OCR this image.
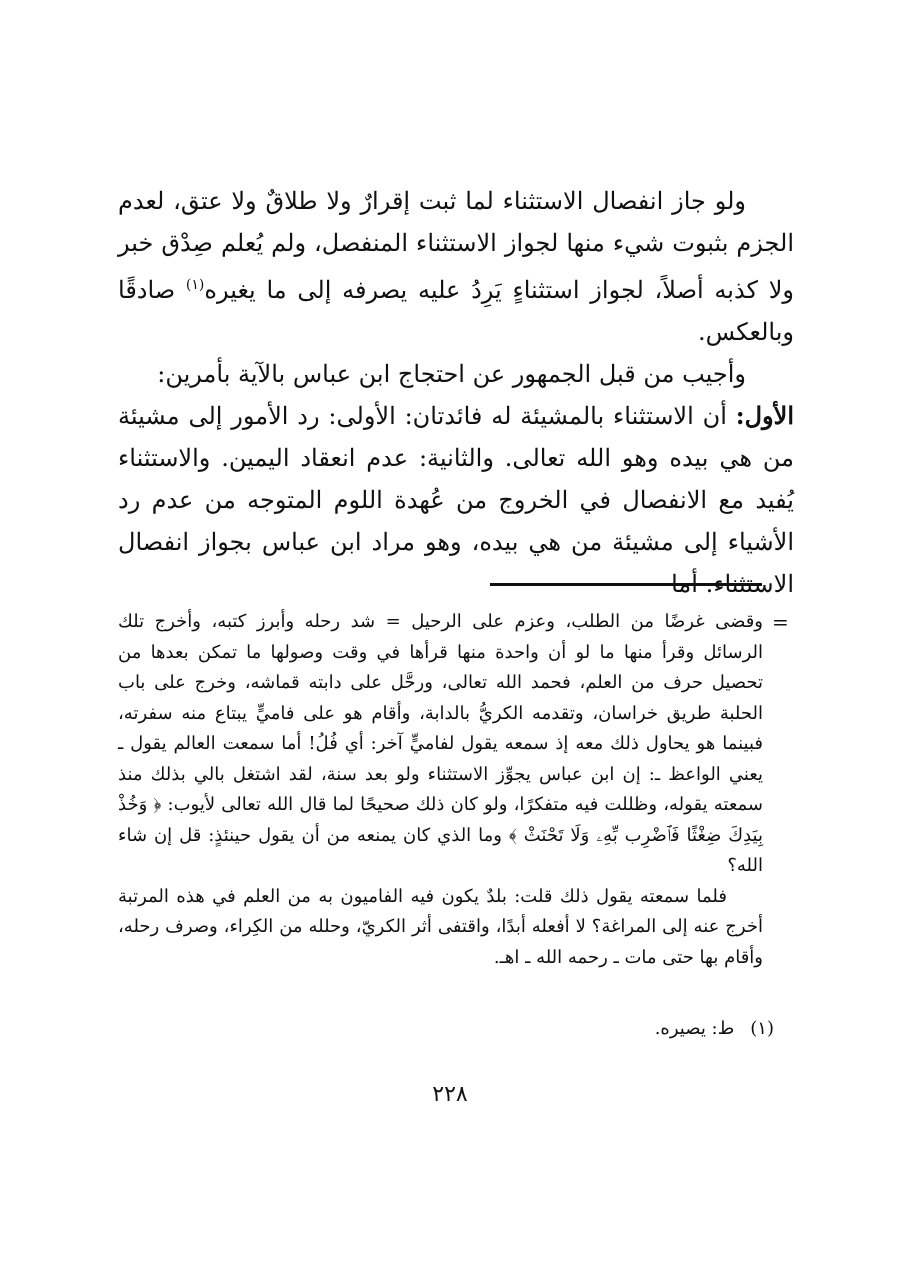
ولو جاز انفصال الاستثناء لما ثبت إقرارٌ ولا طلاقٌ ولا عتق، لعدم الجزم بثبوت شيء منها لجواز الاستثناء المنفصل، ولم يُعلم صِدْق خبر ولا كذبه أصلاً، لجواز استثناءٍ يَرِدُ عليه يصرفه إلى ما يغيره$^{(١)}$ صادقًا وبالعكس.

وأجيب من قبل الجمهور عن احتجاج ابن عباس بالآية بأمرين:

الأول: أن الاستثناء بالمشيئة له فائدتان: الأولى: رد الأمور إلى مشيئة من هي بيده وهو الله تعالى. والثانية: عدم انعقاد اليمين. والاستثناء يُفيد مع الانفصال في الخروج من عُهدة اللوم المتوجه من عدم رد الأشياء إلى مشيئة من هي بيده، وهو مراد ابن عباس بجواز انفصال الاستثناء. أما

=

وقضى غرضًا من الطلب، وعزم على الرحيل = شد رحله وأبرز كتبه، وأخرج تلك الرسائل وقرأ منها ما لو أن واحدة منها قرأها في وقت وصولها ما تمكن بعدها من تحصيل حرف من العلم، فحمد الله تعالى، ورحَّل على دابته قماشه، وخرج على باب الحلبة طريق خراسان، وتقدمه الكريُّ بالدابة، وأقام هو على فاميٍّ يبتاع منه سفرته، فبينما هو يحاول ذلك معه إذ سمعه يقول لفاميٍّ آخر: أي فُلُ! أما سمعت العالم يقول ـ يعني الواعظ ـ: إن ابن عباس يجوِّز الاستثناء ولو بعد سنة، لقد اشتغل بالي بذلك منذ سمعته يقوله، وظللت فيه متفكرًا، ولو كان ذلك صحيحًا لما قال الله تعالى لأيوب: ﴿ وَخُذْ بِيَدِكَ ضِغْثًا فَٱضْرِب بِّهِۦ وَلَا تَحْنَثْ ﴾ وما الذي كان يمنعه من أن يقول حينئذٍ: قل إن شاء الله؟

فلما سمعته يقول ذلك قلت: بلدٌ يكون فيه الفاميون به من العلم في هذه المرتبة أخرج عنه إلى المراغة؟ لا أفعله أبدًا، واقتفى أثر الكريّ، وحلله من الكِراء، وصرف رحله، وأقام بها حتى مات ـ رحمه الله ـ اهـ.

(١)ط: يصيره.
٢٢٨
